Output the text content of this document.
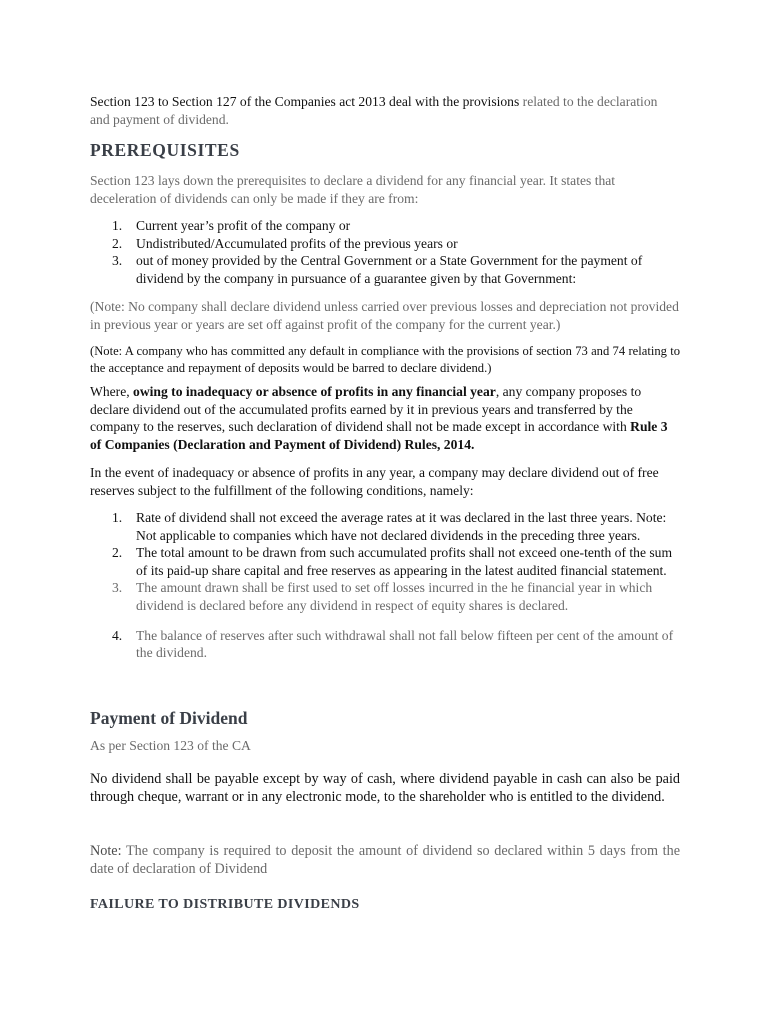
Section 123 to Section 127 of the Companies act 2013 deal with the provisions related to the declaration and payment of dividend.

PREREQUISITES

Section 123 lays down the prerequisites to declare a dividend for any financial year. It states that deceleration of dividends can only be made if they are from:

1. Current year’s profit of the company or
2. Undistributed/Accumulated profits of the previous years or
3. out of money provided by the Central Government or a State Government for the payment of dividend by the company in pursuance of a guarantee given by that Government:

(Note: No company shall declare dividend unless carried over previous losses and depreciation not provided in previous year or years are set off against profit of the company for the current year.)

(Note: A company who has committed any default in compliance with the provisions of section 73 and 74 relating to the acceptance and repayment of deposits would be barred to declare dividend.)

Where, owing to inadequacy or absence of profits in any financial year, any company proposes to declare dividend out of the accumulated profits earned by it in previous years and transferred by the company to the reserves, such declaration of dividend shall not be made except in accordance with Rule 3 of Companies (Declaration and Payment of Dividend) Rules, 2014.

In the event of inadequacy or absence of profits in any year, a company may declare dividend out of free reserves subject to the fulfillment of the following conditions, namely:

1. Rate of dividend shall not exceed the average rates at it was declared in the last three years. Note: Not applicable to companies which have not declared dividends in the preceding three years.
2. The total amount to be drawn from such accumulated profits shall not exceed one-tenth of the sum of its paid-up share capital and free reserves as appearing in the latest audited financial statement.
3. The amount drawn shall be first used to set off losses incurred in the he financial year in which dividend is declared before any dividend in respect of equity shares is declared.
4. The balance of reserves after such withdrawal shall not fall below fifteen per cent of the amount of the dividend.
Payment of Dividend

As per Section 123 of the CA

No dividend shall be payable except by way of cash, where dividend payable in cash can also be paid through cheque, warrant or in any electronic mode, to the shareholder who is entitled to the dividend.

Note: The company is required to deposit the amount of dividend so declared within 5 days from the date of declaration of Dividend

FAILURE TO DISTRIBUTE DIVIDENDS
